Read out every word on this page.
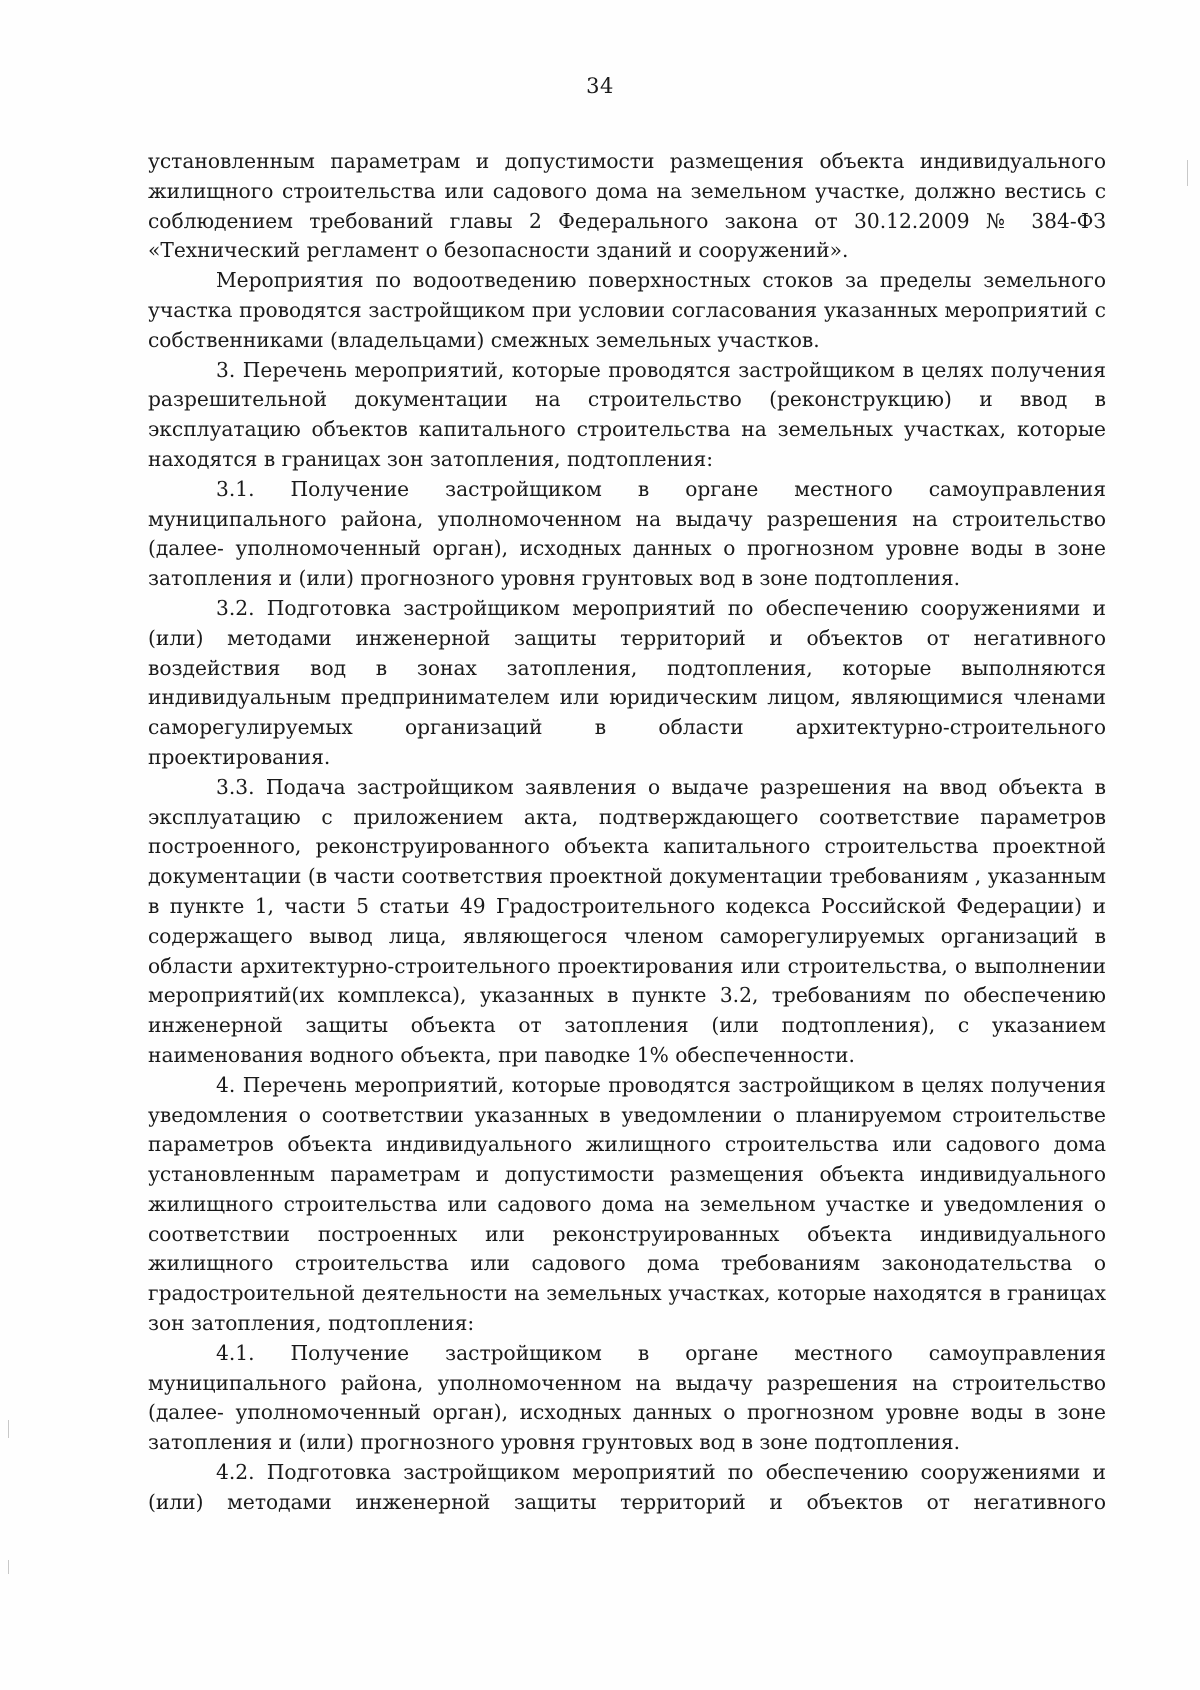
34

установленным параметрам и допустимости размещения объекта индивидуального жилищного строительства или садового дома на земельном участке, должно вестись с соблюдением требований главы 2 Федерального закона от 30.12.2009 № 384-ФЗ «Технический регламент о безопасности зданий и сооружений».

Мероприятия по водоотведению поверхностных стоков за пределы земельного участка проводятся застройщиком при условии согласования указанных мероприятий с собственниками (владельцами) смежных земельных участков.

3. Перечень мероприятий, которые проводятся застройщиком в целях получения разрешительной документации на строительство (реконструкцию) и ввод в эксплуатацию объектов капитального строительства на земельных участках, которые находятся в границах зон затопления, подтопления:

3.1. Получение застройщиком в органе местного самоуправления муниципального района, уполномоченном на выдачу разрешения на строительство (далее- уполномоченный орган), исходных данных о прогнозном уровне воды в зоне затопления и (или) прогнозного уровня грунтовых вод в зоне подтопления.

3.2. Подготовка застройщиком мероприятий по обеспечению сооружениями и (или) методами инженерной защиты территорий и объектов от негативного воздействия вод в зонах затопления, подтопления, которые выполняются индивидуальным предпринимателем или юридическим лицом, являющимися членами саморегулируемых организаций в области архитектурно-строительного проектирования.

3.3. Подача застройщиком заявления о выдаче разрешения на ввод объекта в эксплуатацию с приложением акта, подтверждающего соответствие параметров построенного, реконструированного объекта капитального строительства проектной документации (в части соответствия проектной документации требованиям , указанным в пункте 1, части 5 статьи 49 Градостроительного кодекса Российской Федерации) и содержащего вывод лица, являющегося членом саморегулируемых организаций в области архитектурно-строительного проектирования или строительства, о выполнении мероприятий(их комплекса), указанных в пункте 3.2, требованиям по обеспечению инженерной защиты объекта от затопления (или подтопления), с указанием наименования водного объекта, при паводке 1% обеспеченности.

4. Перечень мероприятий, которые проводятся застройщиком в целях получения уведомления о соответствии указанных в уведомлении о планируемом строительстве параметров объекта индивидуального жилищного строительства или садового дома установленным параметрам и допустимости размещения объекта индивидуального жилищного строительства или садового дома на земельном участке и уведомления о соответствии построенных или реконструированных объекта индивидуального жилищного строительства или садового дома требованиям законодательства о градостроительной деятельности на земельных участках, которые находятся в границах зон затопления, подтопления:

4.1. Получение застройщиком в органе местного самоуправления муниципального района, уполномоченном на выдачу разрешения на строительство (далее- уполномоченный орган), исходных данных о прогнозном уровне воды в зоне затопления и (или) прогнозного уровня грунтовых вод в зоне подтопления.

4.2. Подготовка застройщиком мероприятий по обеспечению сооружениями и (или) методами инженерной защиты территорий и объектов от негативного
